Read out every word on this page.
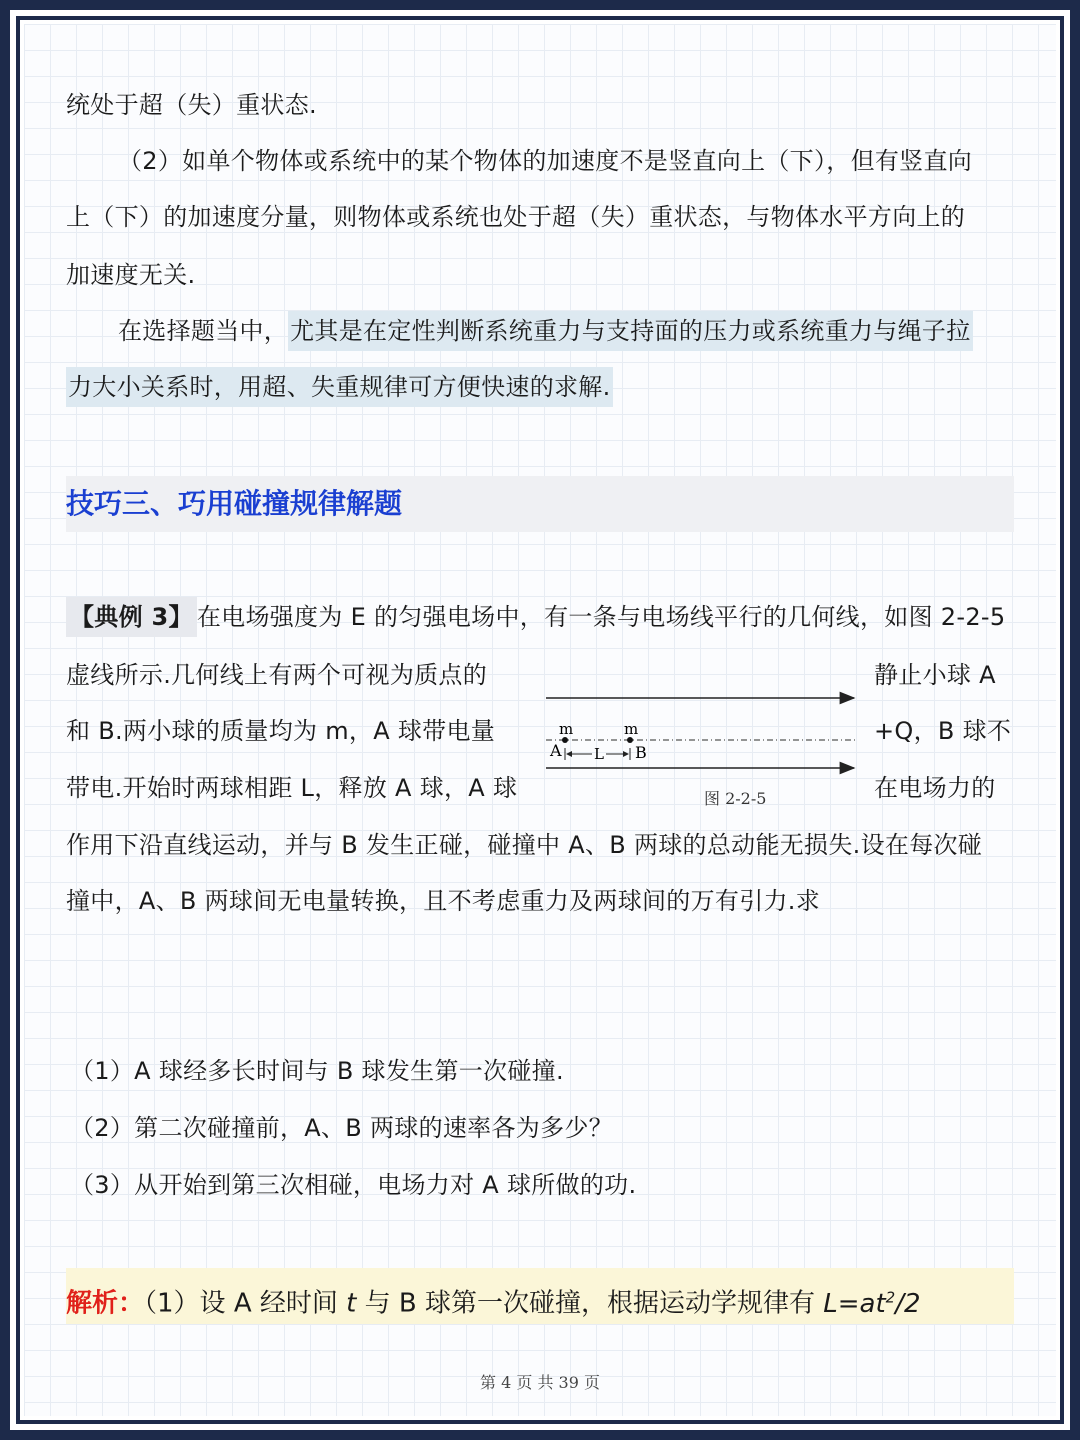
统处于超（失）重状态.
（2）如单个物体或系统中的某个物体的加速度不是竖直向上（下），但有竖直向
上（下）的加速度分量，则物体或系统也处于超（失）重状态，与物体水平方向上的
加速度无关.
在选择题当中，尤其是在定性判断系统重力与支持面的压力或系统重力与绳子拉
力大小关系时，用超、失重规律可方便快速的求解.
技巧三、巧用碰撞规律解题
【典例 3】 在电场强度为 E 的匀强电场中，有一条与电场线平行的几何线，如图 2-2-5
虚线所示.几何线上有两个可视为质点的	静止小球 A
和 B.两小球的质量均为 m，A 球带电量	+Q，B 球不
带电.开始时两球相距 L，释放 A 球，A 球	在电场力的
作用下沿直线运动，并与 B 发生正碰，碰撞中 A、B 两球的总动能无损失.设在每次碰
撞中，A、B 两球间无电量转换，且不考虑重力及两球间的万有引力.求
m	m
A	B
L
图 2-2-5
（1）A 球经多长时间与 B 球发生第一次碰撞.
（2）第二次碰撞前，A、B 两球的速率各为多少？
（3）从开始到第三次相碰，电场力对 A 球所做的功.
解析：（1）设 A 经时间 t 与 B 球第一次碰撞，根据运动学规律有 $L=at^2/2$
第 4 页 共 39 页
